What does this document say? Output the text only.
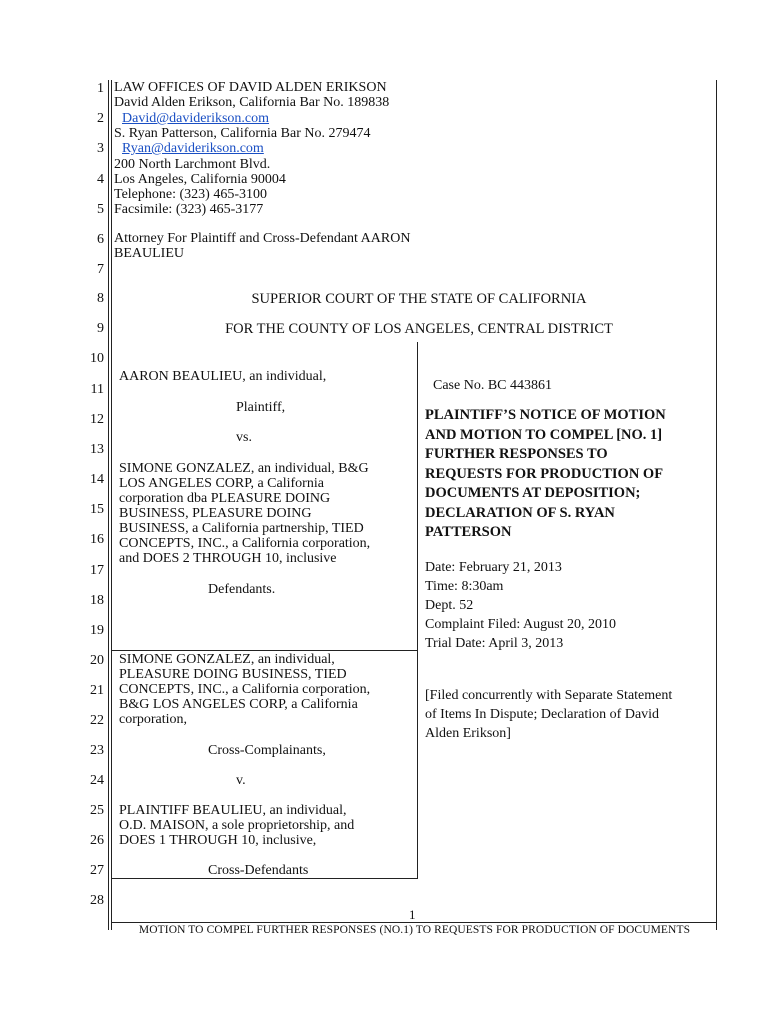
1
2
3
4
5
6
7
8
9
10
11
12
13
14
15
16
17
18
19
20
21
22
23
24
25
26
27
28
LAW OFFICES OF DAVID ALDEN ERIKSON
David Alden Erikson, California Bar No. 189838
David@daviderikson.com
S. Ryan Patterson, California Bar No. 279474
Ryan@daviderikson.com
200 North Larchmont Blvd.
Los Angeles, California 90004
Telephone: (323) 465-3100
Facsimile: (323) 465-3177
Attorney For Plaintiff and Cross-Defendant AARON
BEAULIEU
SUPERIOR COURT OF THE STATE OF CALIFORNIA
FOR THE COUNTY OF LOS ANGELES, CENTRAL DISTRICT
AARON BEAULIEU, an individual,
Plaintiff,
vs.
SIMONE GONZALEZ, an individual, B&G
LOS ANGELES CORP, a California
corporation dba PLEASURE DOING
BUSINESS, PLEASURE DOING
BUSINESS, a California partnership, TIED
CONCEPTS, INC., a California corporation,
and DOES 2 THROUGH 10, inclusive
Defendants.
SIMONE GONZALEZ, an individual,
PLEASURE DOING BUSINESS, TIED
CONCEPTS, INC., a California corporation,
B&G LOS ANGELES CORP, a California
corporation,
Cross-Complainants,
v.
PLAINTIFF BEAULIEU, an individual,
O.D. MAISON, a sole proprietorship, and
DOES 1 THROUGH 10, inclusive,
Cross-Defendants
Case No. BC 443861
PLAINTIFF’S NOTICE OF MOTION
AND MOTION TO COMPEL [NO. 1]
FURTHER RESPONSES TO
REQUESTS FOR PRODUCTION OF
DOCUMENTS AT DEPOSITION;
DECLARATION OF S. RYAN
PATTERSON
Date: February 21, 2013
Time: 8:30am
Dept. 52
Complaint Filed: August 20, 2010
Trial Date: April 3, 2013
[Filed concurrently with Separate Statement
of Items In Dispute; Declaration of David
Alden Erikson]
1
MOTION TO COMPEL FURTHER RESPONSES (NO.1) TO REQUESTS FOR PRODUCTION OF DOCUMENTS
